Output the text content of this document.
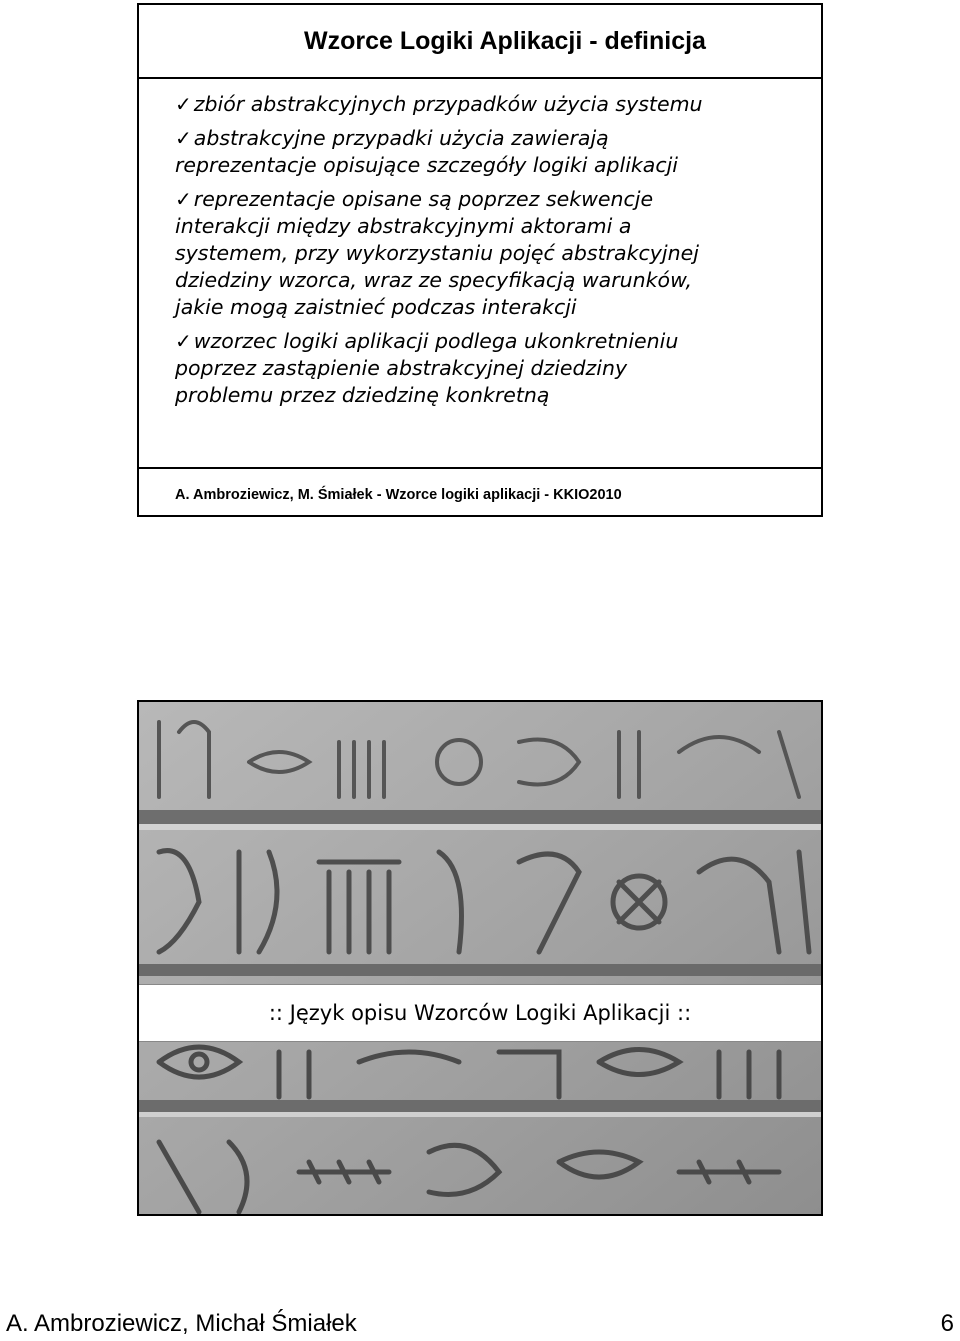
Wzorce Logiki Aplikacji - definicja
✓zbiór abstrakcyjnych przypadków użycia systemu
✓abstrakcyjne przypadki użycia zawierają
reprezentacje opisujące szczegóły logiki aplikacji
✓reprezentacje opisane są poprzez sekwencje
interakcji między abstrakcyjnymi aktorami a
systemem, przy wykorzystaniu pojęć abstrakcyjnej
dziedziny wzorca, wraz ze specyfikacją warunków,
jakie mogą zaistnieć podczas interakcji
✓wzorzec logiki aplikacji podlega ukonkretnieniu
poprzez zastąpienie abstrakcyjnej dziedziny
problemu przez dziedzinę konkretną
A. Ambroziewicz, M. Śmiałek - Wzorce logiki aplikacji - KKIO2010
:: Język opisu Wzorców Logiki Aplikacji ::
A. Ambroziewicz, Michał Śmiałek	6
